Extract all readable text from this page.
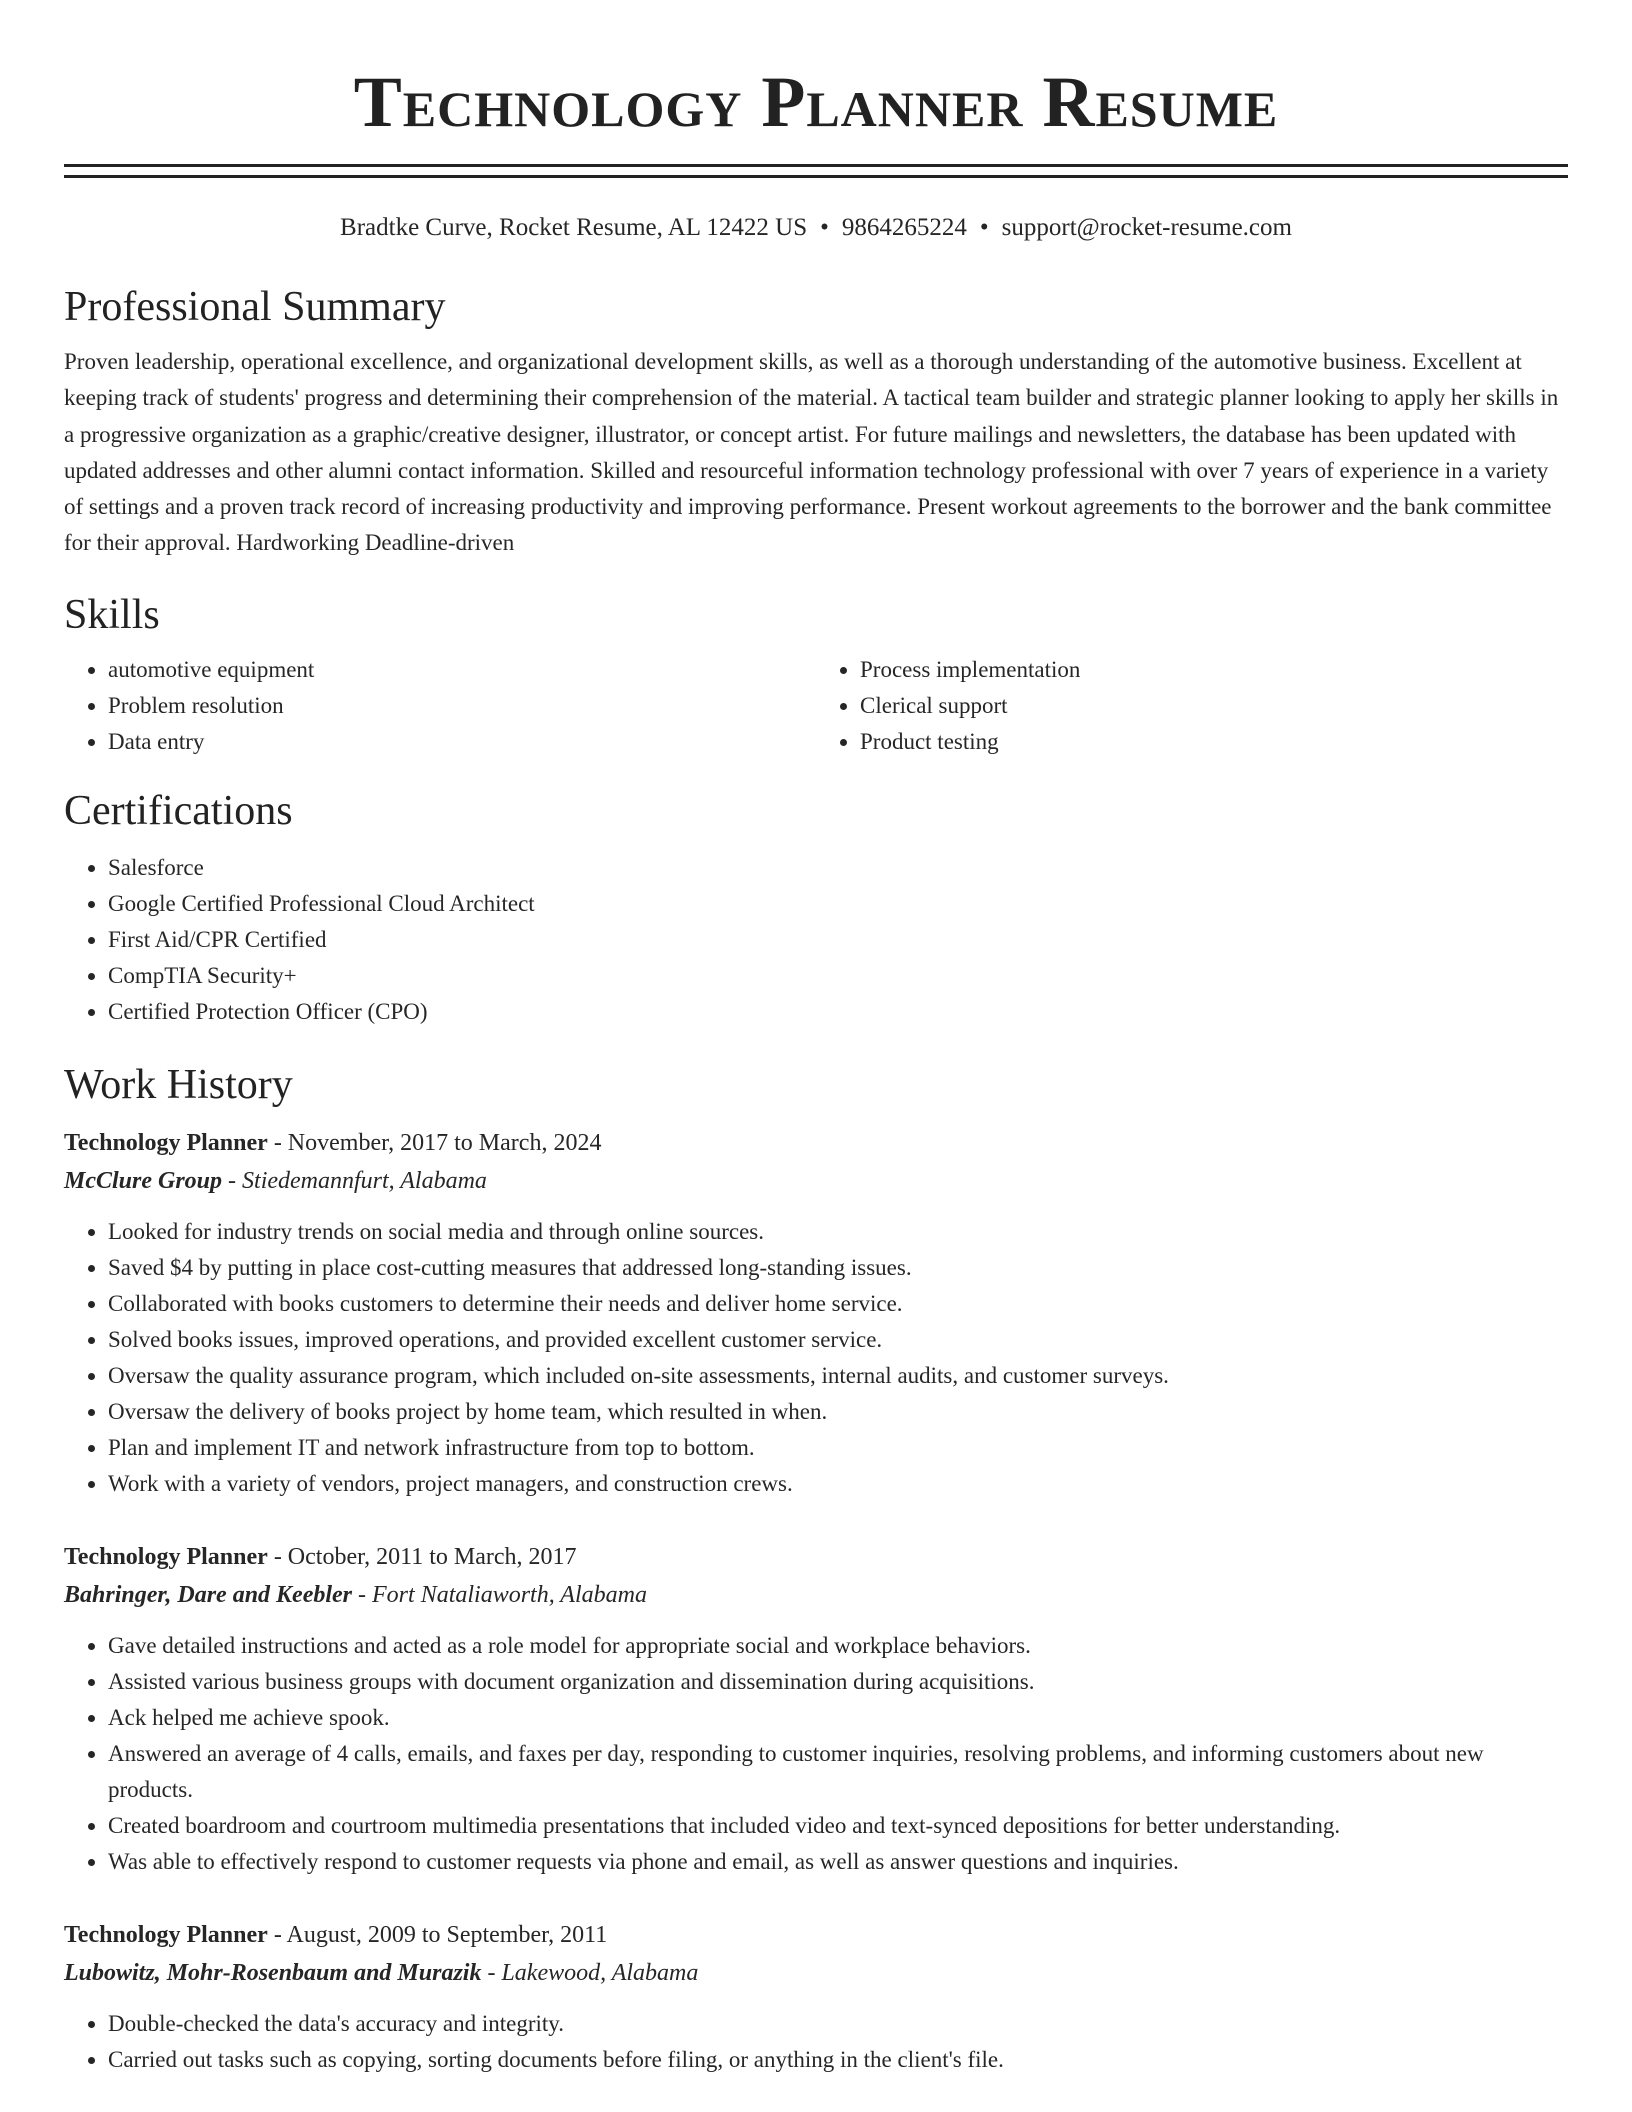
Technology Planner Resume
Bradtke Curve, Rocket Resume, AL 12422 US • 9864265224 • support@rocket-resume.com
Professional Summary
Proven leadership, operational excellence, and organizational development skills, as well as a thorough understanding of the automotive business. Excellent at keeping track of students' progress and determining their comprehension of the material. A tactical team builder and strategic planner looking to apply her skills in a progressive organization as a graphic/creative designer, illustrator, or concept artist. For future mailings and newsletters, the database has been updated with updated addresses and other alumni contact information. Skilled and resourceful information technology professional with over 7 years of experience in a variety of settings and a proven track record of increasing productivity and improving performance. Present workout agreements to the borrower and the bank committee for their approval. Hardworking Deadline-driven
Skills
• automotive equipment
• Problem resolution
• Data entry
• Process implementation
• Clerical support
• Product testing
Certifications
• Salesforce
• Google Certified Professional Cloud Architect
• First Aid/CPR Certified
• CompTIA Security+
• Certified Protection Officer (CPO)
Work History
Technology Planner - November, 2017 to March, 2024
McClure Group - Stiedemannfurt, Alabama
• Looked for industry trends on social media and through online sources.
• Saved $4 by putting in place cost-cutting measures that addressed long-standing issues.
• Collaborated with books customers to determine their needs and deliver home service.
• Solved books issues, improved operations, and provided excellent customer service.
• Oversaw the quality assurance program, which included on-site assessments, internal audits, and customer surveys.
• Oversaw the delivery of books project by home team, which resulted in when.
• Plan and implement IT and network infrastructure from top to bottom.
• Work with a variety of vendors, project managers, and construction crews.
Technology Planner - October, 2011 to March, 2017
Bahringer, Dare and Keebler - Fort Nataliaworth, Alabama
• Gave detailed instructions and acted as a role model for appropriate social and workplace behaviors.
• Assisted various business groups with document organization and dissemination during acquisitions.
• Ack helped me achieve spook.
• Answered an average of 4 calls, emails, and faxes per day, responding to customer inquiries, resolving problems, and informing customers about new products.
• Created boardroom and courtroom multimedia presentations that included video and text-synced depositions for better understanding.
• Was able to effectively respond to customer requests via phone and email, as well as answer questions and inquiries.
Technology Planner - August, 2009 to September, 2011
Lubowitz, Mohr-Rosenbaum and Murazik - Lakewood, Alabama
• Double-checked the data's accuracy and integrity.
• Carried out tasks such as copying, sorting documents before filing, or anything in the client's file.
